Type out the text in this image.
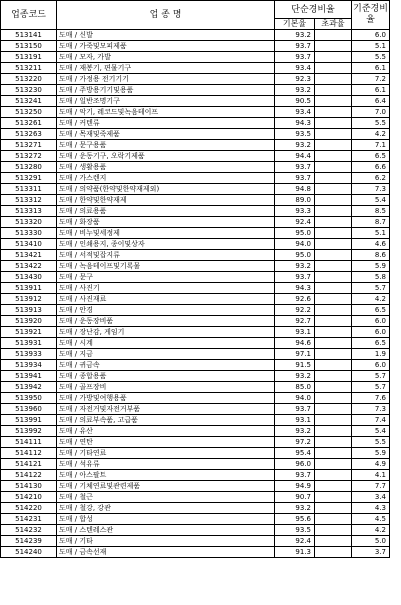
업종코드	업 종 명	단순경비율		기준경비율
		기본율	초과율	
513141	도매 / 신발	93.2		6.0
513150	도매 / 가죽및모피제품	93.7		5.1
513191	도매 / 모자, 가발	93.7		5.5
513211	도매 / 재봉기, 편물기구	93.4		6.1
513220	도매 / 가정용 전기기기	92.3		7.2
513230	도매 / 주방용기기및용품	93.2		6.1
513241	도매 / 일반조명기구	90.5		6.4
513250	도매 / 악기, 레코드및녹음테이프	93.4		7.0
513261	도매 / 커텐류	94.3		5.5
513263	도매 / 목재및죽제품	93.5		4.2
513271	도매 / 문구용품	93.2		7.1
513272	도매 / 운동기구, 오락기제품	94.4		6.5
513280	도매 / 생활용품	93.7		6.6
513291	도매 / 가스렌지	93.7		6.2
513311	도매 / 의약품(한약및한약재제외)	94.8		7.3
513312	도매 / 한약및한약재제	89.0		5.4
513313	도매 / 의료용품	93.3		8.5
513320	도매 / 화장품	92.4		8.7
513330	도매 / 비누및세정제	95.0		5.1
513410	도매 / 인쇄용지, 종이및상자	94.0		4.6
513421	도매 / 서적및잡지류	95.0		8.6
513422	도매 / 녹음테이프및기록물	93.2		5.9
513430	도매 / 문구	93.7		5.8
513911	도매 / 사진기	94.3		5.7
513912	도매 / 사진재료	92.6		4.2
513913	도매 / 안경	92.2		6.5
513920	도매 / 운동장비품	92.7		6.0
513921	도매 / 장난감, 게임기	93.1		6.0
513931	도매 / 시계	94.6		6.5
513933	도매 / 지금	97.1		1.9
513934	도매 / 귀금속	91.5		6.0
513941	도매 / 종합용품	93.2		5.7
513942	도매 / 골프장비	85.0		5.7
513950	도매 / 가방및여행용품	94.0		7.6
513960	도매 / 자전거및자전거부품	93.7		7.3
513991	도매 / 의료부속품, 고급품	93.1		7.4
513992	도매 / 유산	93.2		5.4
514111	도매 / 연탄	97.2		5.5
514112	도매 / 기타연료	95.4		5.9
514121	도매 / 석유류	96.0		4.9
514122	도매 / 아스팔트	93.7		4.1
514130	도매 / 기체연료및관련제품	94.9		7.7
514210	도매 / 철근	90.7		3.4
514220	도매 / 철강, 강관	93.2		4.3
514231	도매 / 합성	95.6		4.5
514232	도매 / 스텐레스관	93.5		4.2
514239	도매 / 기타	92.4		5.0
514240	도매 / 금속선재	91.3		3.7
